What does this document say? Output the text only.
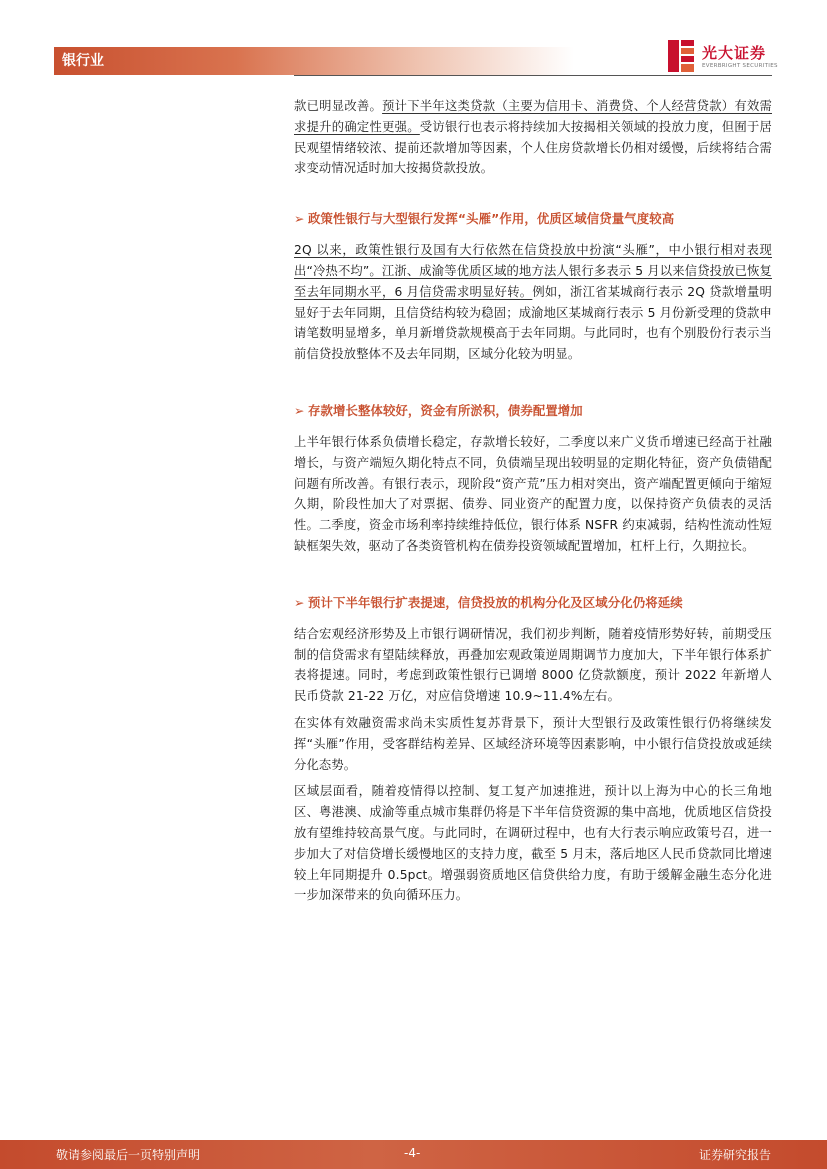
银行业	光大证券
EVERBRIGHT SECURITIES

款已明显改善。预计下半年这类贷款（主要为信用卡、消费贷、个人经营贷款）有效需求提升的确定性更强。受访银行也表示将持续加大按揭相关领域的投放力度，但囿于居民观望情绪较浓、提前还款增加等因素，个人住房贷款增长仍相对缓慢，后续将结合需求变动情况适时加大按揭贷款投放。

➢ 政策性银行与大型银行发挥“头雁”作用，优质区域信贷量气度较高

2Q 以来，政策性银行及国有大行依然在信贷投放中扮演“头雁”，中小银行相对表现出“冷热不均”。江浙、成渝等优质区域的地方法人银行多表示 5 月以来信贷投放已恢复至去年同期水平，6 月信贷需求明显好转。例如，浙江省某城商行表示 2Q 贷款增量明显好于去年同期，且信贷结构较为稳固；成渝地区某城商行表示 5 月份新受理的贷款申请笔数明显增多，单月新增贷款规模高于去年同期。与此同时，也有个别股份行表示当前信贷投放整体不及去年同期，区域分化较为明显。

➢ 存款增长整体较好，资金有所淤积，债券配置增加

上半年银行体系负债增长稳定，存款增长较好，二季度以来广义货币增速已经高于社融增长，与资产端短久期化特点不同，负债端呈现出较明显的定期化特征，资产负债错配问题有所改善。有银行表示，现阶段“资产荒”压力相对突出，资产端配置更倾向于缩短久期，阶段性加大了对票据、债券、同业资产的配置力度，以保持资产负债表的灵活性。二季度，资金市场利率持续维持低位，银行体系 NSFR 约束减弱，结构性流动性短缺框架失效，驱动了各类资管机构在债券投资领域配置增加，杠杆上行，久期拉长。

➢ 预计下半年银行扩表提速，信贷投放的机构分化及区域分化仍将延续

结合宏观经济形势及上市银行调研情况，我们初步判断，随着疫情形势好转，前期受压制的信贷需求有望陆续释放，再叠加宏观政策逆周期调节力度加大，下半年银行体系扩表将提速。同时，考虑到政策性银行已调增 8000 亿贷款额度，预计 2022 年新增人民币贷款 21-22 万亿，对应信贷增速 10.9~11.4%左右。

在实体有效融资需求尚未实质性复苏背景下，预计大型银行及政策性银行仍将继续发挥“头雁”作用，受客群结构差异、区域经济环境等因素影响，中小银行信贷投放或延续分化态势。

区域层面看，随着疫情得以控制、复工复产加速推进，预计以上海为中心的长三角地区、粤港澳、成渝等重点城市集群仍将是下半年信贷资源的集中高地，优质地区信贷投放有望维持较高景气度。与此同时，在调研过程中，也有大行表示响应政策号召，进一步加大了对信贷增长缓慢地区的支持力度，截至 5 月末，落后地区人民币贷款同比增速较上年同期提升 0.5pct。增强弱资质地区信贷供给力度，有助于缓解金融生态分化进一步加深带来的负向循环压力。

敬请参阅最后一页特别声明	-4-	证券研究报告
